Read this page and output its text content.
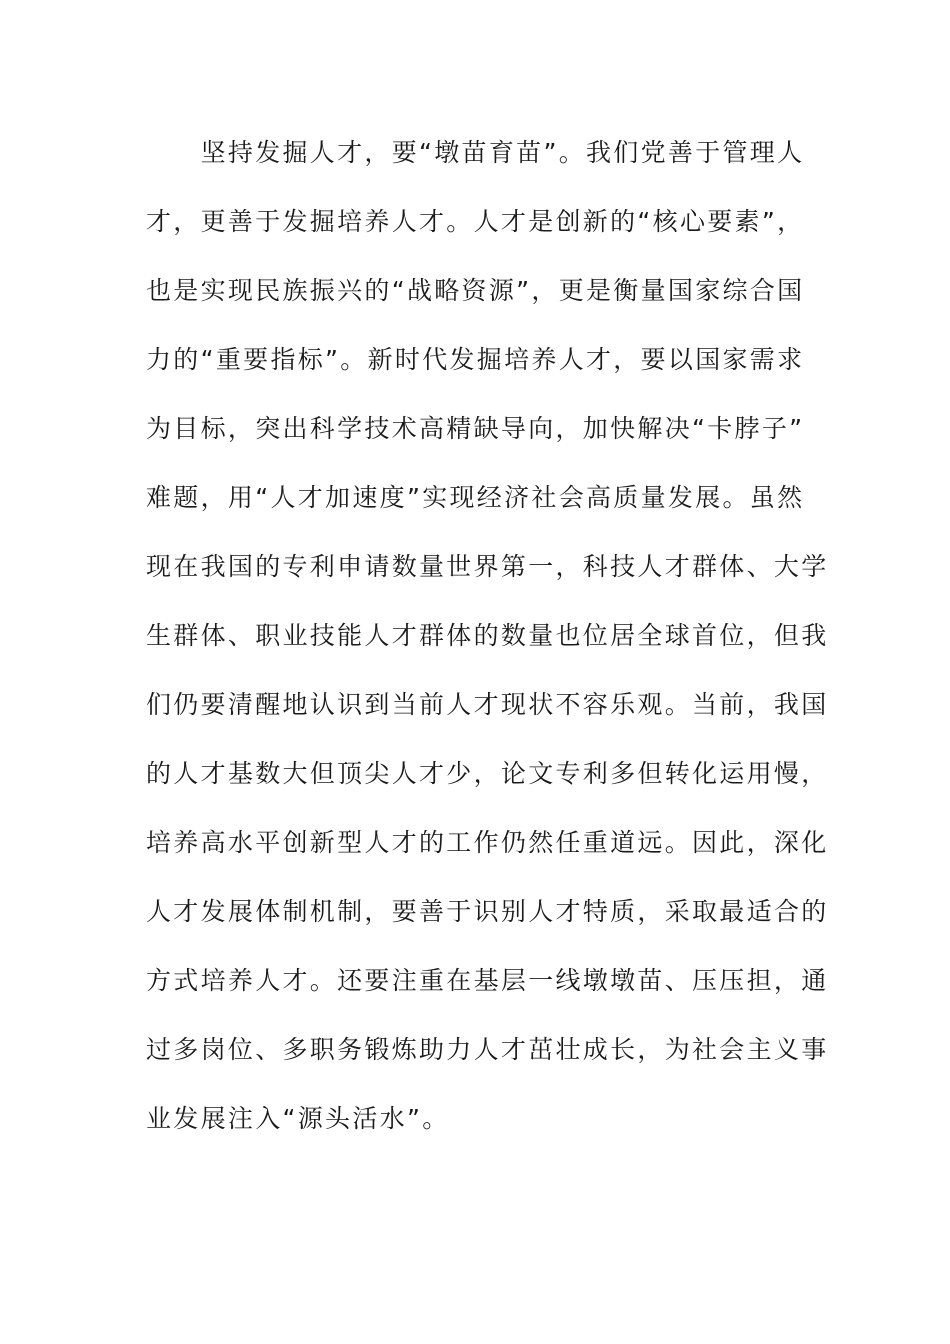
　　坚持发掘人才，要“墩苗育苗”。我们党善于管理人
才，更善于发掘培养人才。人才是创新的“核心要素”，
也是实现民族振兴的“战略资源”，更是衡量国家综合国
力的“重要指标”。新时代发掘培养人才，要以国家需求
为目标，突出科学技术高精缺导向，加快解决“卡脖子”
难题，用“人才加速度”实现经济社会高质量发展。虽然
现在我国的专利申请数量世界第一，科技人才群体、大学
生群体、职业技能人才群体的数量也位居全球首位，但我
们仍要清醒地认识到当前人才现状不容乐观。当前，我国
的人才基数大但顶尖人才少，论文专利多但转化运用慢，
培养高水平创新型人才的工作仍然任重道远。因此，深化
人才发展体制机制，要善于识别人才特质，采取最适合的
方式培养人才。还要注重在基层一线墩墩苗、压压担，通
过多岗位、多职务锻炼助力人才茁壮成长，为社会主义事
业发展注入“源头活水”。
